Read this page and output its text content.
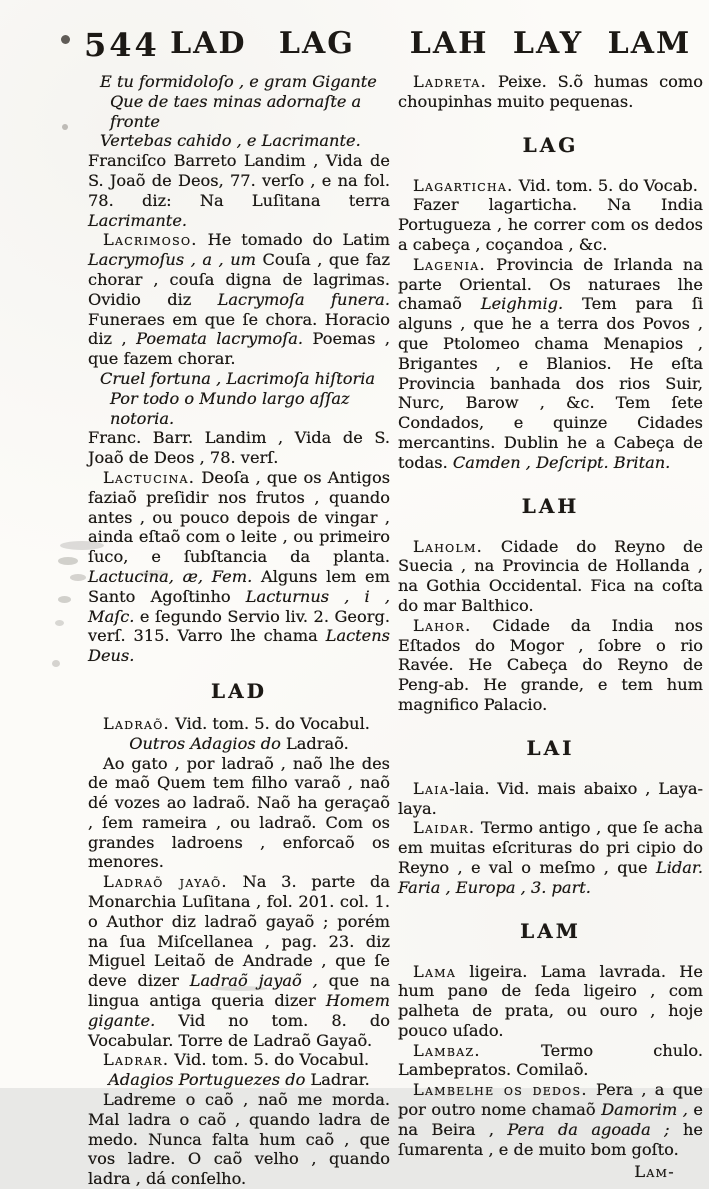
544 LAD LAG	LAH LAY LAM

E tu formidoloſo , e gram Gigante

Que de taes minas adornaſte a fronte

Vertebas cahido , e Lacrimante.

Franciſco Barreto Landim , Vida de S. Joaõ de Deos, 77. verſo , e na fol. 78. diz: Na Luſitana terra Lacrimante.

Lacrimoso. He tomado do Latim Lacrymoſus , a , um Couſa , que faz chorar , couſa digna de lagrimas. Ovidio diz Lacrymoſa funera. Funeraes em que ſe chora. Horacio diz , Poemata lacrymoſa. Poemas , que fazem chorar.

Cruel fortuna , Lacrimoſa hiſtoria

Por todo o Mundo largo aſſaz notoria.

Franc. Barr. Landim , Vida de S. Joaõ de Deos , 78. verſ.

Lactucina. Deoſa , que os Antigos faziaõ preſidir nos frutos , quando antes , ou pouco depois de vingar , ainda eſtaõ com o leite , ou primeiro ſuco, e ſubſtancia da planta. Lactucina, æ, Fem. Alguns lem em Santo Agoſtinho Lacturnus , i , Maſc. e ſegundo Servio liv. 2. Georg. verſ. 315. Varro lhe chama Lactens Deus.

LAD

Ladraõ. Vid. tom. 5. do Vocabul.

Outros Adagios do Ladraõ.

Ao gato , por ladraõ , naõ lhe des de maõ Quem tem filho varaõ , naõ dé vozes ao ladraõ. Naõ ha geraçaõ , ſem rameira , ou ladraõ. Com os grandes ladroens , enforcaõ os menores.

Ladraõ jayaõ. Na 3. parte da Monarchia Luſitana , fol. 201. col. 1. o Author diz ladraõ gayaõ ; porém na ſua Miſcellanea , pag. 23. diz Miguel Leitaõ de Andrade , que ſe deve dizer Ladraõ jayaõ , que na lingua antiga queria dizer Homem gigante. Vid no tom. 8. do Vocabular. Torre de Ladraõ Gayaõ.

Ladrar. Vid. tom. 5. do Vocabul.

Adagios Portuguezes do Ladrar.

Ladreme o caõ , naõ me morda. Mal ladra o caõ , quando ladra de medo. Nunca falta hum caõ , que vos ladre. O caõ velho , quando ladra , dá conſelho.

Ladreta. Peixe. S.õ humas como choupinhas muito pequenas.

LAG

Lagarticha. Vid. tom. 5. do Vocab.

Fazer lagarticha. Na India Portugueza , he correr com os dedos a cabeça , coçandoa , &c.

Lagenia. Provincia de Irlanda na parte Oriental. Os naturaes lhe chamaõ Leighmig. Tem para ſi alguns , que he a terra dos Povos , que Ptolomeo chama Menapios , Brigantes , e Blanios. He eſta Provincia banhada dos rios Suir, Nurc, Barow , &c. Tem ſete Condados, e quinze Cidades mercantins. Dublin he a Cabeça de todas. Camden , Deſcript. Britan.

LAH

Laholm. Cidade do Reyno de Suecia , na Provincia de Hollanda , na Gothia Occidental. Fica na coſta do mar Balthico.

Lahor. Cidade da India nos Eſtados do Mogor , ſobre o rio Ravée. He Cabeça do Reyno de Peng-ab. He grande, e tem hum magnifico Palacio.

LAI

Laia-laia. Vid. mais abaixo , Laya-laya.

Laidar. Termo antigo , que ſe acha em muitas eſcrituras do pri cipio do Reyno , e val o meſmo , que Lidar. Faria , Europa , 3. part.

LAM

Lama ligeira. Lama lavrada. He hum pano de ſeda ligeiro , com palheta de prata, ou ouro , hoje pouco uſado.

Lambaz. Termo chulo. Lambepratos. Comilaõ.

Lambelhe os dedos. Pera , a que por outro nome chamaõ Damorim , e na Beira , Pera da agoada ; he ſumarenta , e de muito bom goſto.

Lam-
